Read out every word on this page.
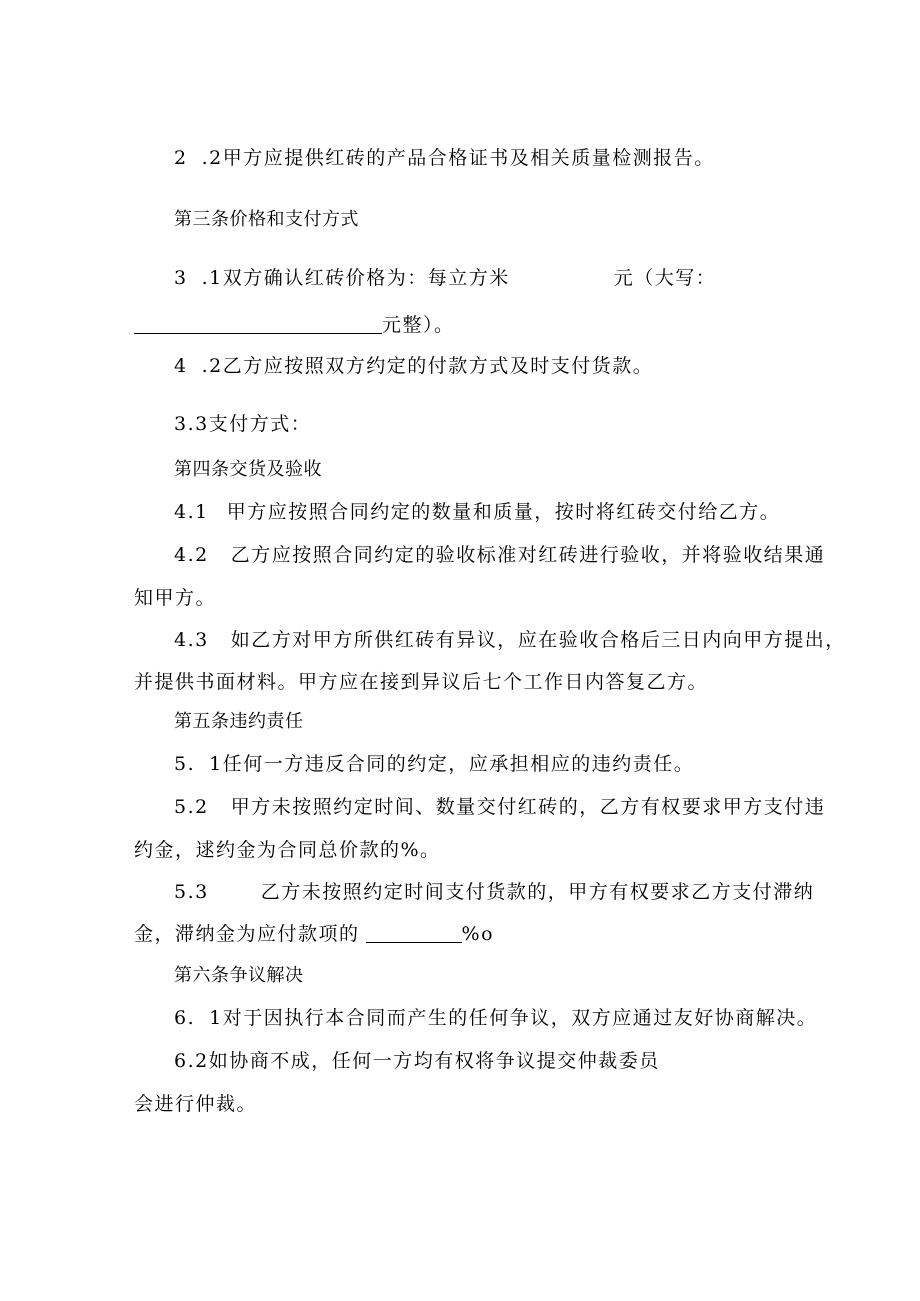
2 .2甲方应提供红砖的产品合格证书及相关质量检测报告。

第三条价格和支付方式

3 .1双方确认红砖价格为：每立方米	元（大写：

元整）。

4 .2乙方应按照双方约定的付款方式及时支付货款。

3.3支付方式：

第四条交货及验收

4.1 甲方应按照合同约定的数量和质量，按时将红砖交付给乙方。

4.2 乙方应按照合同约定的验收标准对红砖进行验收，并将验收结果通

知甲方。

4.3 如乙方对甲方所供红砖有异议，应在验收合格后三日内向甲方提出，

并提供书面材料。甲方应在接到异议后七个工作日内答复乙方。

第五条违约责任

5. 1任何一方违反合同的约定，应承担相应的违约责任。

5.2 甲方未按照约定时间、数量交付红砖的，乙方有权要求甲方支付违

约金，逑约金为合同总价款的%。

5.3	乙方未按照约定时间支付货款的，甲方有权要求乙方支付滞纳

金，滞纳金为应付款项的	%o

第六条争议解决

6. 1对于因执行本合同而产生的任何争议，双方应通过友好协商解决。

6.2如协商不成，任何一方均有权将争议提交仲裁委员

会进行仲裁。
